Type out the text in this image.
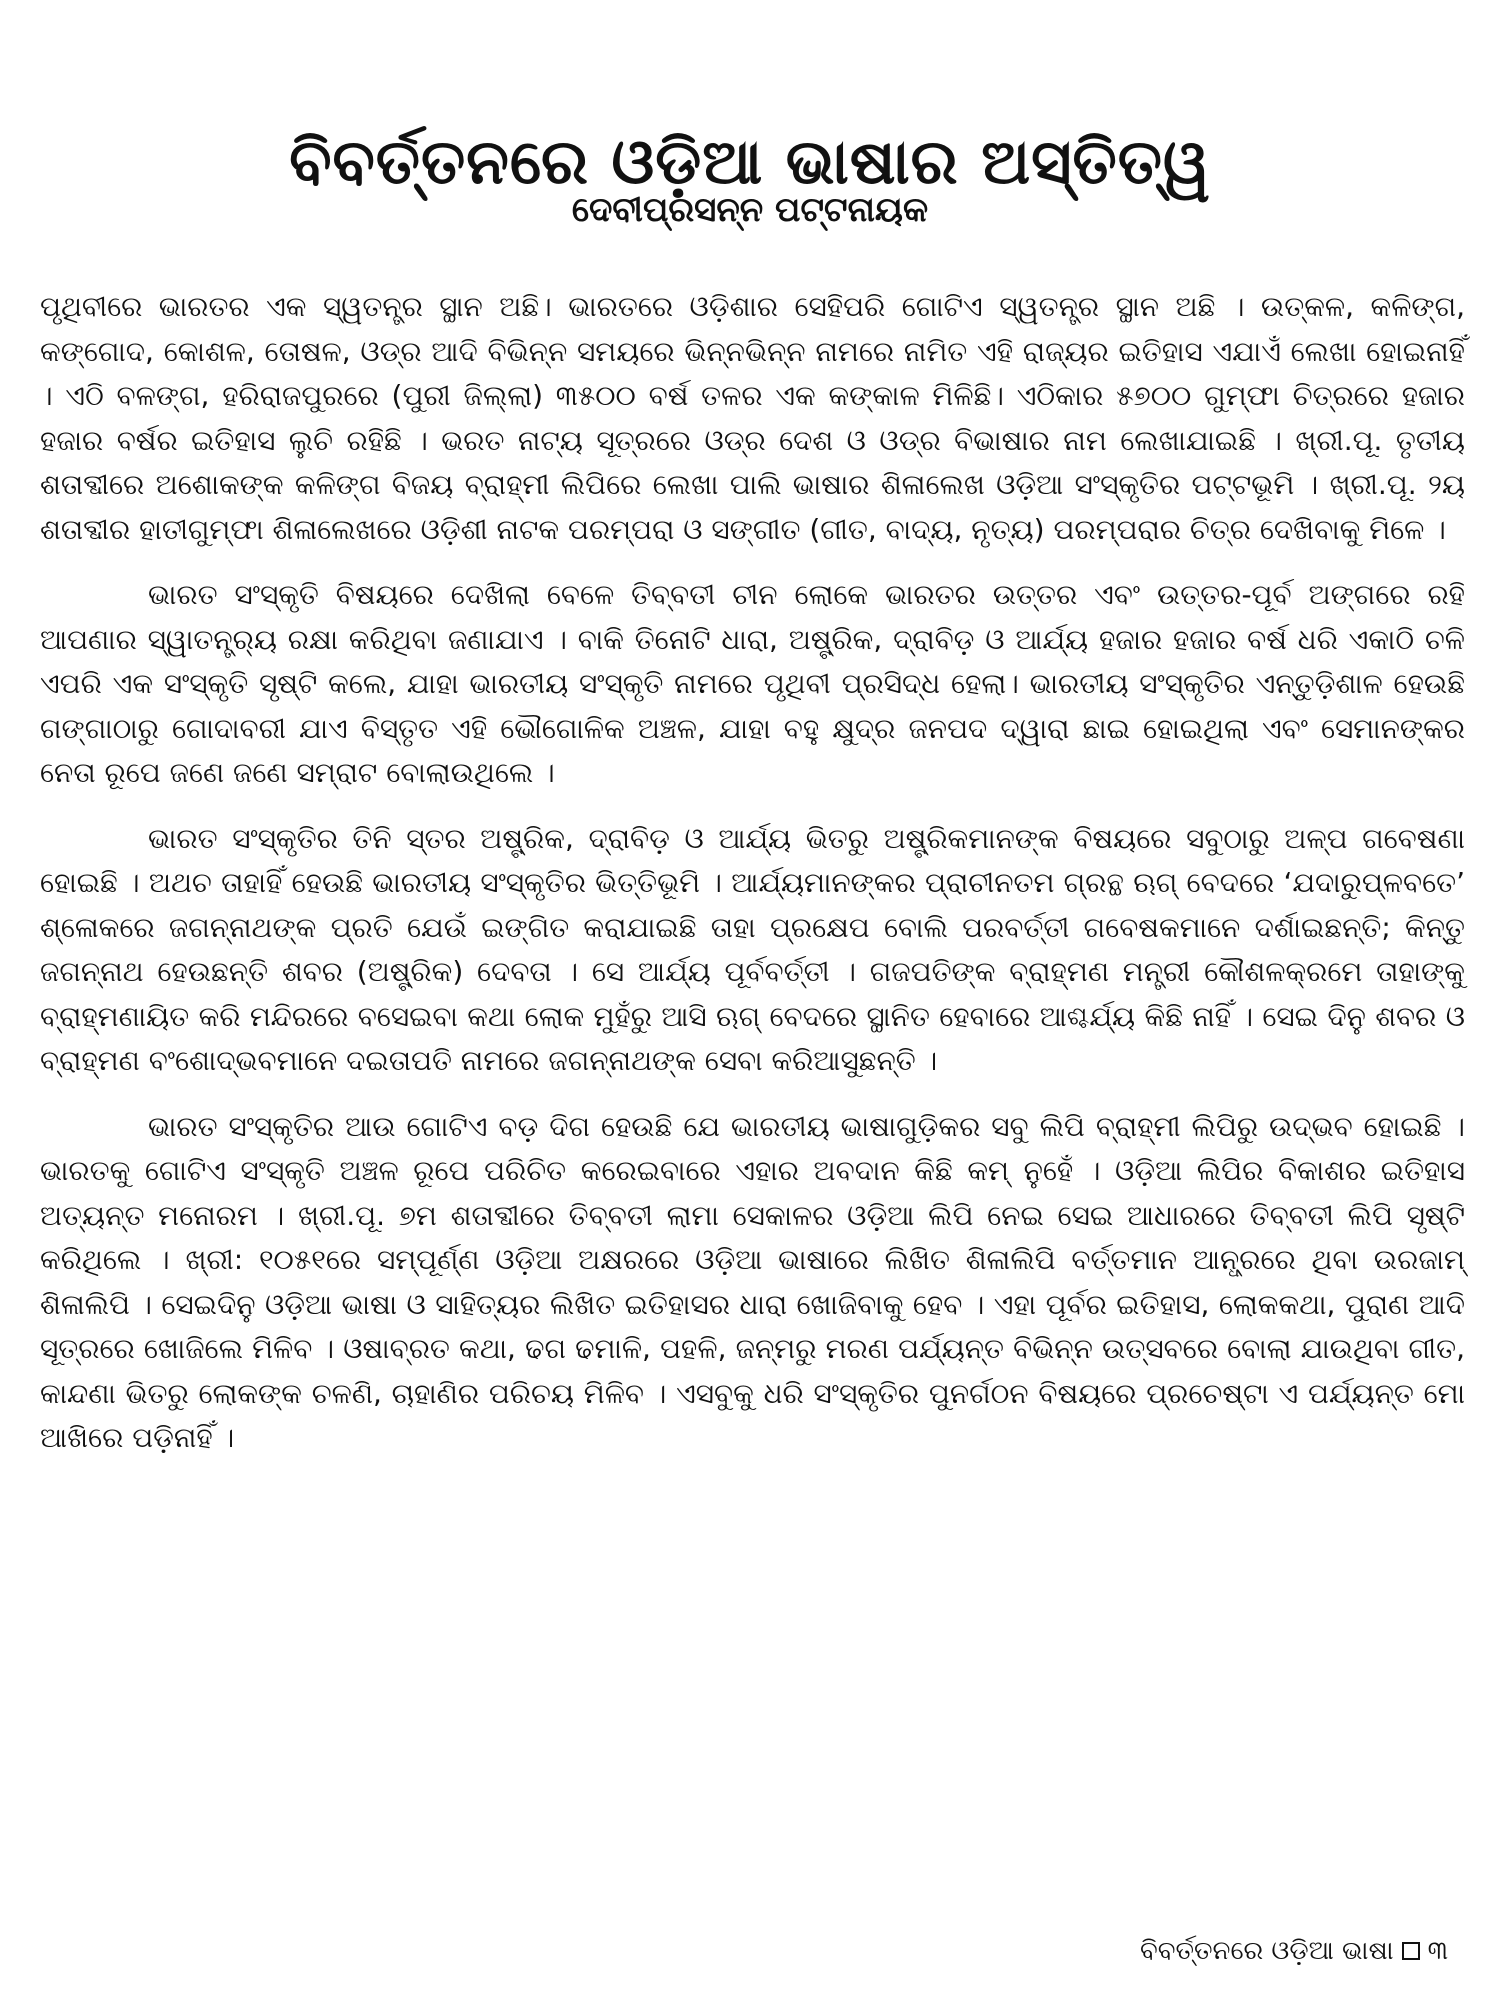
ବିବର୍ତ୍ତନରେ ଓଡ଼ିଆ ଭାଷାର ଅସ୍ତିତ୍ୱ
ଦେବୀପ୍ରସନ୍ନ ପଟ୍ଟନାୟକ

ପୃଥିବୀରେ ଭାରତର ଏକ ସ୍ୱତନ୍ତ୍ର ସ୍ଥାନ ଅଛି। ଭାରତରେ ଓଡ଼ିଶାର ସେହିପରି ଗୋଟିଏ ସ୍ୱତନ୍ତ୍ର ସ୍ଥାନ ଅଛି । ଉତ୍କଳ, କଳିଙ୍ଗ, କଙ୍ଗୋଦ, କୋଶଳ, ତୋଷଳ, ଓଡ୍ର ଆଦି ବିଭିନ୍ନ ସମୟରେ ଭିନ୍ନଭିନ୍ନ ନାମରେ ନାମିତ ଏହି ରାଜ୍ୟର ଇତିହାସ ଏଯାଏଁ ଲେଖା ହୋଇନାହିଁ । ଏଠି ବଳଙ୍ଗ, ହରିରାଜପୁରରେ (ପୁରୀ ଜିଲ୍ଲା) ୩୫୦୦ ବର୍ଷ ତଳର ଏକ କଙ୍କାଳ ମିଳିଛି। ଏଠିକାର ୫୭୦୦ ଗୁମ୍ଫା ଚିତ୍ରରେ ହଜାର ହଜାର ବର୍ଷର ଇତିହାସ ଲୁଚି ରହିଛି । ଭରତ ନାଟ୍ୟ ସୂତ୍ରରେ ଓଡ୍ର ଦେଶ ଓ ଓଡ୍ର ବିଭାଷାର ନାମ ଲେଖାଯାଇଛି । ଖ୍ରୀ.ପୂ. ତୃତୀୟ ଶତାବ୍ଦୀରେ ଅଶୋକଙ୍କ କଳିଙ୍ଗ ବିଜୟ ବ୍ରାହ୍ମୀ ଲିପିରେ ଲେଖା ପାଲି ଭାଷାର ଶିଳାଲେଖ ଓଡ଼ିଆ ସଂସ୍କୃତିର ପଟ୍ଟଭୂମି । ଖ୍ରୀ.ପୂ. ୨ୟ ଶତାବ୍ଦୀର ହାତୀଗୁମ୍ଫା ଶିଳାଲେଖରେ ଓଡ଼ିଶୀ ନାଟକ ପରମ୍ପରା ଓ ସଙ୍ଗୀତ (ଗୀତ, ବାଦ୍ୟ, ନୃତ୍ୟ) ପରମ୍ପରାର ଚିତ୍ର ଦେଖିବାକୁ ମିଳେ ।

ଭାରତ ସଂସ୍କୃତି ବିଷୟରେ ଦେଖିଲା ବେଳେ ତିବ୍ବତୀ ଚୀନ ଲୋକେ ଭାରତର ଉତ୍ତର ଏବଂ ଉତ୍ତର-ପୂର୍ବ ଅଙ୍ଗରେ ରହି ଆପଣାର ସ୍ୱାତନ୍ତ୍ର୍ୟ ରକ୍ଷା କରିଥିବା ଜଣାଯାଏ । ବାକି ତିନୋଟି ଧାରା, ଅଷ୍ଟ୍ରିକ, ଦ୍ରାବିଡ଼ ଓ ଆର୍ଯ୍ୟ ହଜାର ହଜାର ବର୍ଷ ଧରି ଏକାଠି ଚଳି ଏପରି ଏକ ସଂସ୍କୃତି ସୃଷ୍ଟି କଲେ, ଯାହା ଭାରତୀୟ ସଂସ୍କୃତି ନାମରେ ପୃଥିବୀ ପ୍ରସିଦ୍ଧ ହେଲା। ଭାରତୀୟ ସଂସ୍କୃତିର ଏନ୍ତୁଡ଼ିଶାଳ ହେଉଛି ଗଙ୍ଗାଠାରୁ ଗୋଦାବରୀ ଯାଏ ବିସ୍ତୃତ ଏହି ଭୌଗୋଳିକ ଅଞ୍ଚଳ, ଯାହା ବହୁ କ୍ଷୁଦ୍ର ଜନପଦ ଦ୍ୱାରା ଛାଇ ହୋଇଥିଲା ଏବଂ ସେମାନଙ୍କର ନେତା ରୂପେ ଜଣେ ଜଣେ ସମ୍ରାଟ ବୋଲାଉଥିଲେ ।

ଭାରତ ସଂସ୍କୃତିର ତିନି ସ୍ତର ଅଷ୍ଟ୍ରିକ, ଦ୍ରାବିଡ଼ ଓ ଆର୍ଯ୍ୟ ଭିତରୁ ଅଷ୍ଟ୍ରିକମାନଙ୍କ ବିଷୟରେ ସବୁଠାରୁ ଅଳ୍ପ ଗବେଷଣା ହୋଇଛି । ଅଥଚ ତାହାହିଁ ହେଉଛି ଭାରତୀୟ ସଂସ୍କୃତିର ଭିତ୍ତିଭୂମି । ଆର୍ଯ୍ୟମାନଙ୍କର ପ୍ରାଚୀନତମ ଗ୍ରନ୍ଥ ଋଗ୍ ବେଦରେ ‘ଯଦାରୁପ୍ଳବତେ’ ଶ୍ଳୋକରେ ଜଗନ୍ନାଥଙ୍କ ପ୍ରତି ଯେଉଁ ଇଙ୍ଗିତ କରାଯାଇଛି ତାହା ପ୍ରକ୍ଷେପ ବୋଲି ପରବର୍ତ୍ତୀ ଗବେଷକମାନେ ଦର୍ଶାଇଛନ୍ତି; କିନ୍ତୁ ଜଗନ୍ନାଥ ହେଉଛନ୍ତି ଶବର (ଅଷ୍ଟ୍ରିକ) ଦେବତା । ସେ ଆର୍ଯ୍ୟ ପୂର୍ବବର୍ତ୍ତୀ । ଗଜପତିଙ୍କ ବ୍ରାହ୍ମଣ ମନ୍ତ୍ରୀ କୌଶଳକ୍ରମେ ତାହାଙ୍କୁ ବ୍ରାହ୍ମଣାୟିତ କରି ମନ୍ଦିରରେ ବସେଇବା କଥା ଲୋକ ମୁହଁରୁ ଆସି ଋଗ୍ ବେଦରେ ସ୍ଥାନିତ ହେବାରେ ଆଶ୍ଚର୍ଯ୍ୟ କିଛି ନାହିଁ । ସେଇ ଦିନୁ ଶବର ଓ ବ୍ରାହ୍ମଣ ବଂଶୋଦ୍ଭବମାନେ ଦଇତାପତି ନାମରେ ଜଗନ୍ନାଥଙ୍କ ସେବା କରିଆସୁଛନ୍ତି ।

ଭାରତ ସଂସ୍କୃତିର ଆଉ ଗୋଟିଏ ବଡ଼ ଦିଗ ହେଉଛି ଯେ ଭାରତୀୟ ଭାଷାଗୁଡ଼ିକର ସବୁ ଲିପି ବ୍ରାହ୍ମୀ ଲିପିରୁ ଉଦ୍ଭବ ହୋଇଛି । ଭାରତକୁ ଗୋଟିଏ ସଂସ୍କୃତି ଅଞ୍ଚଳ ରୂପେ ପରିଚିତ କରେଇବାରେ ଏହାର ଅବଦାନ କିଛି କମ୍ ନୁହେଁ । ଓଡ଼ିଆ ଲିପିର ବିକାଶର ଇତିହାସ ଅତ୍ୟନ୍ତ ମନୋରମ । ଖ୍ରୀ.ପୂ. ୭ମ ଶତାବ୍ଦୀରେ ତିବ୍ବତୀ ଲାମା ସେକାଳର ଓଡ଼ିଆ ଲିପି ନେଇ ସେଇ ଆଧାରରେ ତିବ୍ବତୀ ଲିପି ସୃଷ୍ଟି କରିଥିଲେ । ଖ୍ରୀ: ୧୦୫୧ରେ ସମ୍ପୂର୍ଣ୍ଣ ଓଡ଼ିଆ ଅକ୍ଷରରେ ଓଡ଼ିଆ ଭାଷାରେ ଲିଖିତ ଶିଳାଲିପି ବର୍ତ୍ତମାନ ଆନ୍ଧ୍ରରେ ଥିବା ଉରଜାମ୍ ଶିଳାଲିପି । ସେଇଦିନୁ ଓଡ଼ିଆ ଭାଷା ଓ ସାହିତ୍ୟର ଲିଖିତ ଇତିହାସର ଧାରା ଖୋଜିବାକୁ ହେବ । ଏହା ପୂର୍ବର ଇତିହାସ, ଲୋକକଥା, ପୁରାଣ ଆଦି ସୂତ୍ରରେ ଖୋଜିଲେ ମିଳିବ । ଓଷାବ୍ରତ କଥା, ଢଗ ଢମାଳି, ପହଳି, ଜନ୍ମରୁ ମରଣ ପର୍ଯ୍ୟନ୍ତ ବିଭିନ୍ନ ଉତ୍ସବରେ ବୋଲା ଯାଉଥିବା ଗୀତ, କାନ୍ଦଣା ଭିତରୁ ଲୋକଙ୍କ ଚଳଣି, ଚାହାଣିର ପରିଚୟ ମିଳିବ । ଏସବୁକୁ ଧରି ସଂସ୍କୃତିର ପୁନର୍ଗଠନ ବିଷୟରେ ପ୍ରଚେଷ୍ଟା ଏ ପର୍ଯ୍ୟନ୍ତ ମୋ ଆଖିରେ ପଡ଼ିନାହିଁ ।

ବିବର୍ତ୍ତନରେ ଓଡ଼ିଆ ଭାଷା ୩
